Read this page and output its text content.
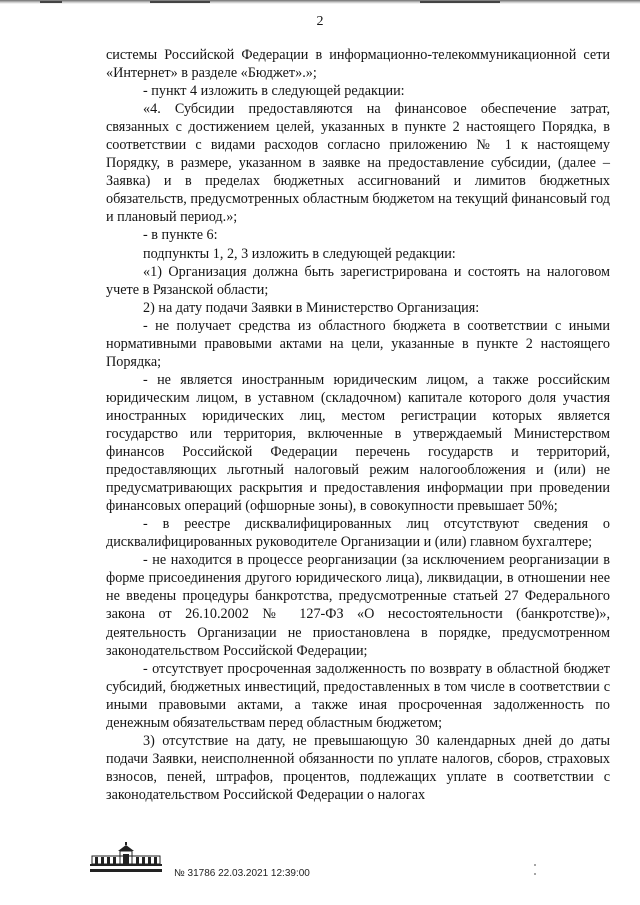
2

системы Российской Федерации в информационно-телекоммуникационной сети «Интернет» в разделе «Бюджет».»;

- пункт 4 изложить в следующей редакции:

«4. Субсидии предоставляются на финансовое обеспечение затрат, связанных с достижением целей, указанных в пункте 2 настоящего Порядка, в соответствии с видами расходов согласно приложению № 1 к настоящему Порядку, в размере, указанном в заявке на предоставление субсидии, (далее – Заявка) и в пределах бюджетных ассигнований и лимитов бюджетных обязательств, предусмотренных областным бюджетом на текущий финансовый год и плановый период.»;

- в пункте 6:

подпункты 1, 2, 3 изложить в следующей редакции:

«1) Организация должна быть зарегистрирована и состоять на налоговом учете в Рязанской области;

2) на дату подачи Заявки в Министерство Организация:

- не получает средства из областного бюджета в соответствии с иными нормативными правовыми актами на цели, указанные в пункте 2 настоящего Порядка;

- не является иностранным юридическим лицом, а также российским юридическим лицом, в уставном (складочном) капитале которого доля участия иностранных юридических лиц, местом регистрации которых является государство или территория, включенные в утверждаемый Министерством финансов Российской Федерации перечень государств и территорий, предоставляющих льготный налоговый режим налогообложения и (или) не предусматривающих раскрытия и предоставления информации при проведении финансовых операций (офшорные зоны), в совокупности превышает 50%;

- в реестре дисквалифицированных лиц отсутствуют сведения о дисквалифицированных руководителе Организации и (или) главном бухгалтере;

- не находится в процессе реорганизации (за исключением реорганизации в форме присоединения другого юридического лица), ликвидации, в отношении нее не введены процедуры банкротства, предусмотренные статьей 27 Федерального закона от 26.10.2002 № 127-ФЗ «О несостоятельности (банкротстве)», деятельность Организации не приостановлена в порядке, предусмотренном законодательством Российской Федерации;

- отсутствует просроченная задолженность по возврату в областной бюджет субсидий, бюджетных инвестиций, предоставленных в том числе в соответствии с иными правовыми актами, а также иная просроченная задолженность по денежным обязательствам перед областным бюджетом;

3) отсутствие на дату, не превышающую 30 календарных дней до даты подачи Заявки, неисполненной обязанности по уплате налогов, сборов, страховых взносов, пеней, штрафов, процентов, подлежащих уплате в соответствии с законодательством Российской Федерации о налогах

№ 31786 22.03.2021 12:39:00
